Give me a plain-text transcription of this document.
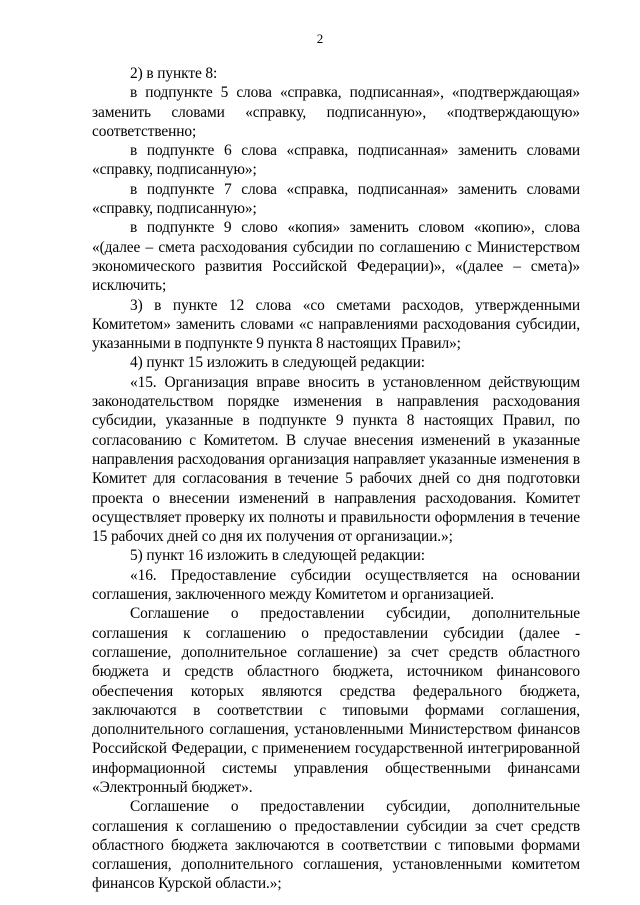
2

2) в пункте 8:

в подпункте 5 слова «справка, подписанная», «подтверждающая» заменить словами «справку, подписанную», «подтверждающую» соответственно;

в подпункте 6 слова «справка, подписанная» заменить словами «справку, подписанную»;

в подпункте 7 слова «справка, подписанная» заменить словами «справку, подписанную»;

в подпункте 9 слово «копия» заменить словом «копию», слова «(далее – смета расходования субсидии по соглашению с Министерством экономического развития Российской Федерации)», «(далее – смета)» исключить;

3) в пункте 12 слова «со сметами расходов, утвержденными Комитетом» заменить словами «с направлениями расходования субсидии, указанными в подпункте 9 пункта 8 настоящих Правил»;

4) пункт 15 изложить в следующей редакции:

«15. Организация вправе вносить в установленном действующим законодательством порядке изменения в направления расходования субсидии, указанные в подпункте 9 пункта 8 настоящих Правил, по согласованию с Комитетом. В случае внесения изменений в указанные направления расходования организация направляет указанные изменения в Комитет для согласования в течение 5 рабочих дней со дня подготовки проекта о внесении изменений в направления расходования. Комитет осуществляет проверку их полноты и правильности оформления в течение 15 рабочих дней со дня их получения от организации.»;

5) пункт 16 изложить в следующей редакции:

«16. Предоставление субсидии осуществляется на основании соглашения, заключенного между Комитетом и организацией.

Соглашение о предоставлении субсидии, дополнительные соглашения к соглашению о предоставлении субсидии (далее - соглашение, дополнительное соглашение) за счет средств областного бюджета и средств областного бюджета, источником финансового обеспечения которых являются средства федерального бюджета, заключаются в соответствии с типовыми формами соглашения, дополнительного соглашения, установленными Министерством финансов Российской Федерации, с применением государственной интегрированной информационной системы управления общественными финансами «Электронный бюджет».

Соглашение о предоставлении субсидии, дополнительные соглашения к соглашению о предоставлении субсидии за счет средств областного бюджета заключаются в соответствии с типовыми формами соглашения, дополнительного соглашения, установленными комитетом финансов Курской области.»;
